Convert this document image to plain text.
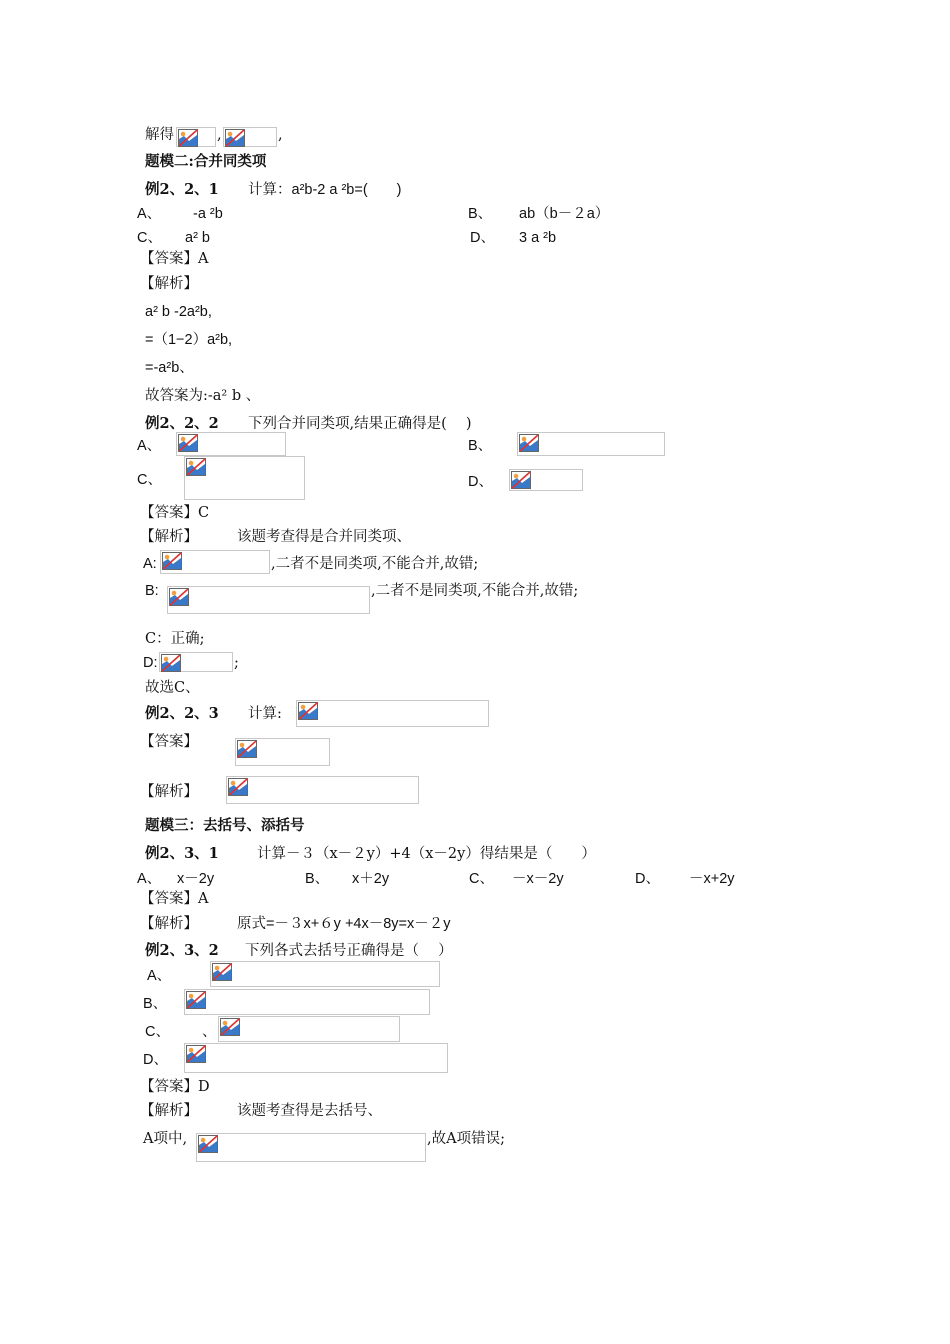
解得	,	,
题模二:合并同类项
例2、2、1 计算：a²b-2 a ²b=(　　)
A、 -a ²b	B、 ab（b－２a）
C、 a² b	D、 3 a ²b
【答案】A
【解析】
a² b -2a²b,
=（1−2）a²b,
=-a²b、
故答案为:-a² b 、
例2、2、2 下列合并同类项,结果正确得是(　 )
A、	B、
C、	D、
【答案】C
【解析】	该题考查得是合并同类项、
A:	,二者不是同类项,不能合并,故错;
B:	,二者不是同类项,不能合并,故错;
C：正确;
D:	;
故选C、
例2、2、3 计算:
【答案】
【解析】
题模三：去括号、添括号
例2、3、1	计算－３（x－２y）+4（x－2y）得结果是（　　）
A、 x－2y	B、 x＋2y	C、 －x－2y	D、 －x+2y
【答案】A
【解析】	原式=－３x+６y +4x－8y=x－２y
例2、3、2 下列各式去括号正确得是（　 ）
A、
B、
C、 、
D、
【答案】D
【解析】	该题考查得是去括号、
A项中,	,故A项错误;
